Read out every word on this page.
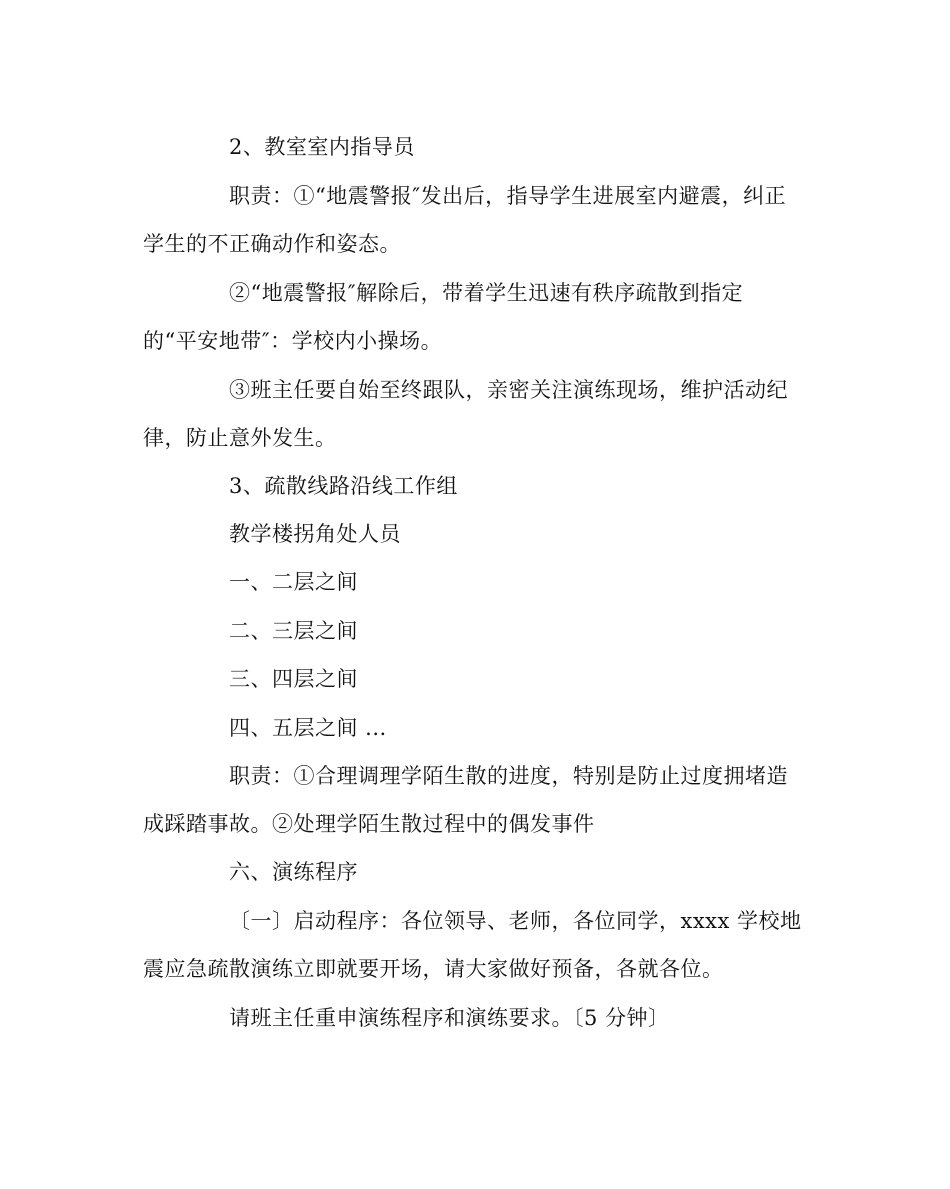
2、教室室内指导员
职责：①“地震警报″发出后，指导学生进展室内避震，纠正
学生的不正确动作和姿态。
②“地震警报″解除后，带着学生迅速有秩序疏散到指定
的“平安地带″：学校内小操场。
③班主任要自始至终跟队，亲密关注演练现场，维护活动纪
律，防止意外发生。
3、疏散线路沿线工作组
教学楼拐角处人员
一、二层之间
二、三层之间
三、四层之间
四、五层之间 ...
职责：①合理调理学陌生散的进度，特别是防止过度拥堵造
成踩踏事故。②处理学陌生散过程中的偶发事件
六、演练程序
〔一〕启动程序：各位领导、老师，各位同学，xxxx 学校地
震应急疏散演练立即就要开场，请大家做好预备，各就各位。
请班主任重申演练程序和演练要求。〔5 分钟〕
